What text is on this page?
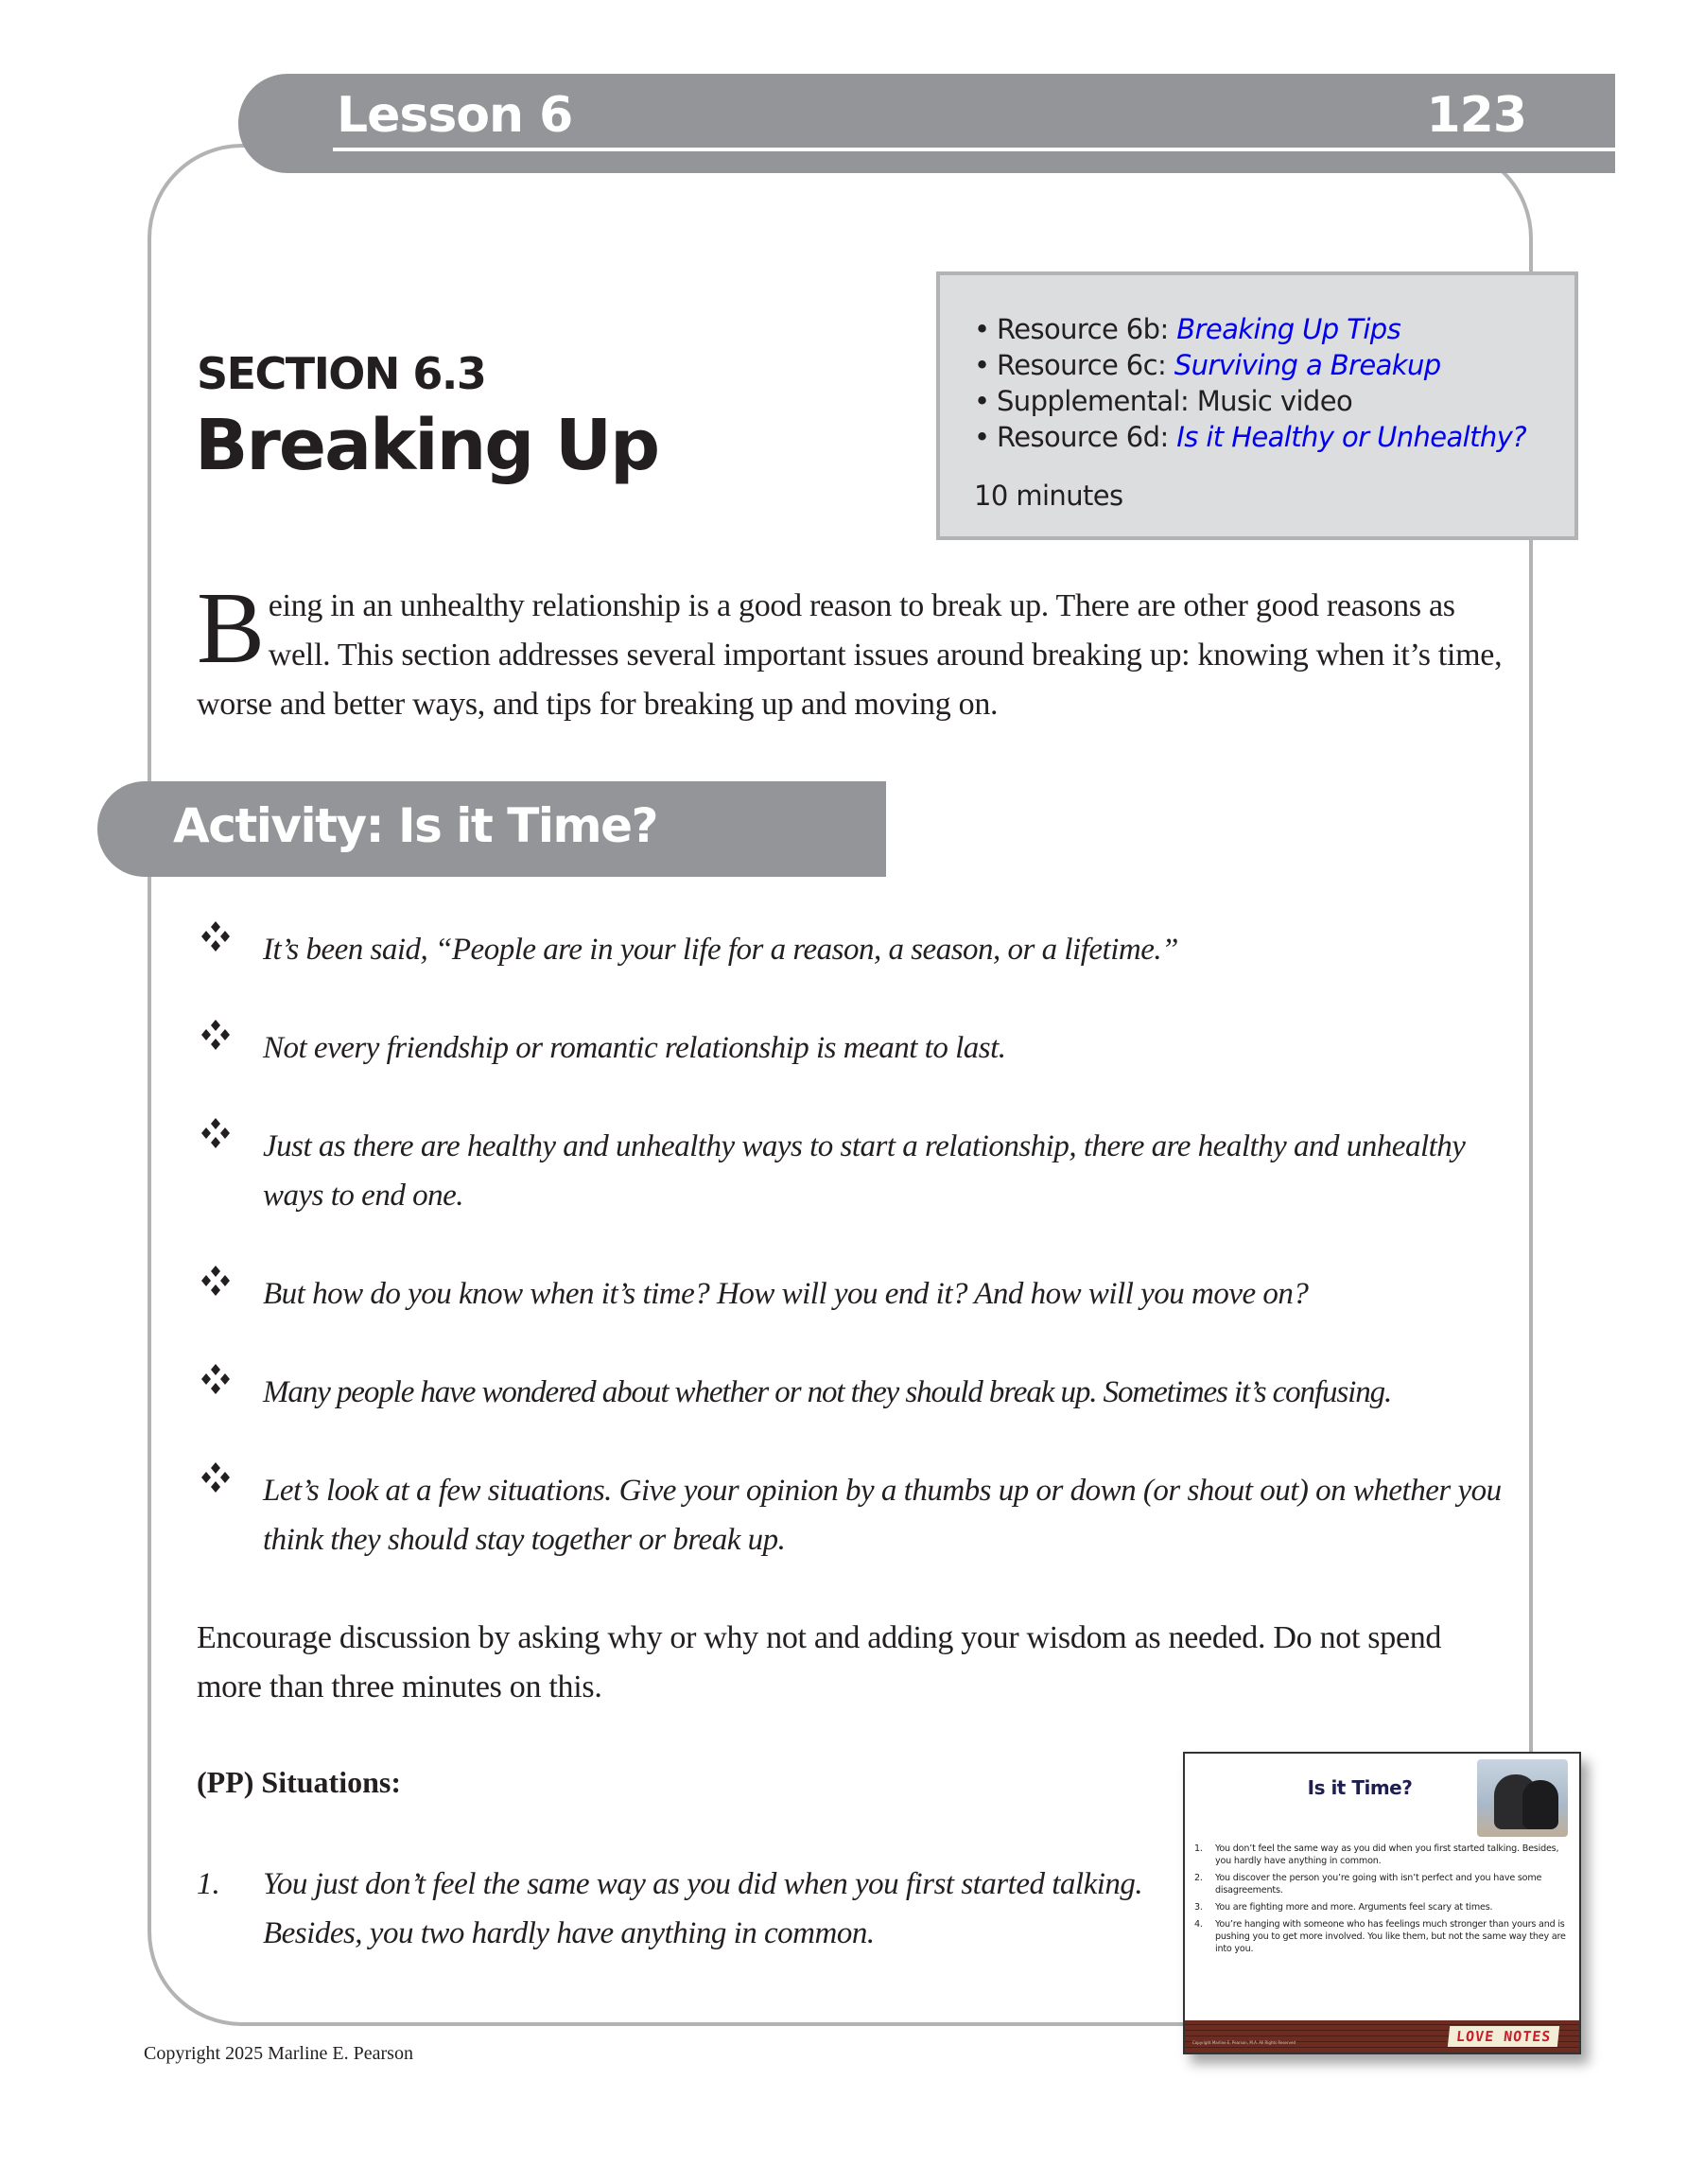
Lesson 6	123
SECTION 6.3
Breaking Up
• Resource 6b: Breaking Up Tips
• Resource 6c: Surviving a Breakup
• Supplemental: Music video
• Resource 6d: Is it Healthy or Unhealthy?
10 minutes
Being in an unhealthy relationship is a good reason to break up. There are other good reasons as well. This section addresses several important issues around breaking up: knowing when it’s time, worse and better ways, and tips for breaking up and moving on.
Activity: Is it Time?
It’s been said, “People are in your life for a reason, a season, or a lifetime.”
Not every friendship or romantic relationship is meant to last.
Just as there are healthy and unhealthy ways to start a relationship, there are healthy and unhealthy ways to end one.
But how do you know when it’s time? How will you end it? And how will you move on?
Many people have wondered about whether or not they should break up. Sometimes it’s confusing.
Let’s look at a few situations. Give your opinion by a thumbs up or down (or shout out) on whether you think they should stay together or break up.
Encourage discussion by asking why or why not and adding your wisdom as needed. Do not spend more than three minutes on this.
(PP) Situations:
1. You just don’t feel the same way as you did when you first started talking. Besides, you two hardly have anything in common.
Is it Time?
1. You don’t feel the same way as you did when you first started talking. Besides, you hardly have anything in common.
2. You discover the person you’re going with isn’t perfect and you have some disagreements.
3. You are fighting more and more. Arguments feel scary at times.
4. You’re hanging with someone who has feelings much stronger than yours and is pushing you to get more involved. You like them, but not the same way they are into you.
Copyright Marline E. Pearson, M.A. All Rights Reserved	LOVE NOTES
Copyright 2025 Marline E. Pearson
